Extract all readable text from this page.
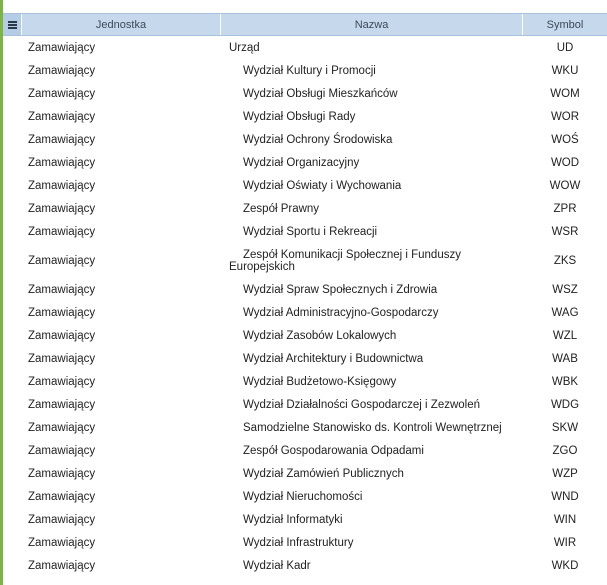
Jednostka	Nazwa	Symbol
Zamawiający	Urząd	UD
Zamawiający	Wydział Kultury i Promocji	WKU
Zamawiający	Wydział Obsługi Mieszkańców	WOM
Zamawiający	Wydział Obsługi Rady	WOR
Zamawiający	Wydział Ochrony Środowiska	WOŚ
Zamawiający	Wydział Organizacyjny	WOD
Zamawiający	Wydział Oświaty i Wychowania	WOW
Zamawiający	Zespół Prawny	ZPR
Zamawiający	Wydział Sportu i Rekreacji	WSR
Zamawiający	Zespół Komunikacji Społecznej i Funduszy Europejskich	ZKS
Zamawiający	Wydział Spraw Społecznych i Zdrowia	WSZ
Zamawiający	Wydział Administracyjno-Gospodarczy	WAG
Zamawiający	Wydział Zasobów Lokalowych	WZL
Zamawiający	Wydział Architektury i Budownictwa	WAB
Zamawiający	Wydział Budżetowo-Księgowy	WBK
Zamawiający	Wydział Działalności Gospodarczej i Zezwoleń	WDG
Zamawiający	Samodzielne Stanowisko ds. Kontroli Wewnętrznej	SKW
Zamawiający	Zespół Gospodarowania Odpadami	ZGO
Zamawiający	Wydział Zamówień Publicznych	WZP
Zamawiający	Wydział Nieruchomości	WND
Zamawiający	Wydział Informatyki	WIN
Zamawiający	Wydział Infrastruktury	WIR
Zamawiający	Wydział Kadr	WKD
